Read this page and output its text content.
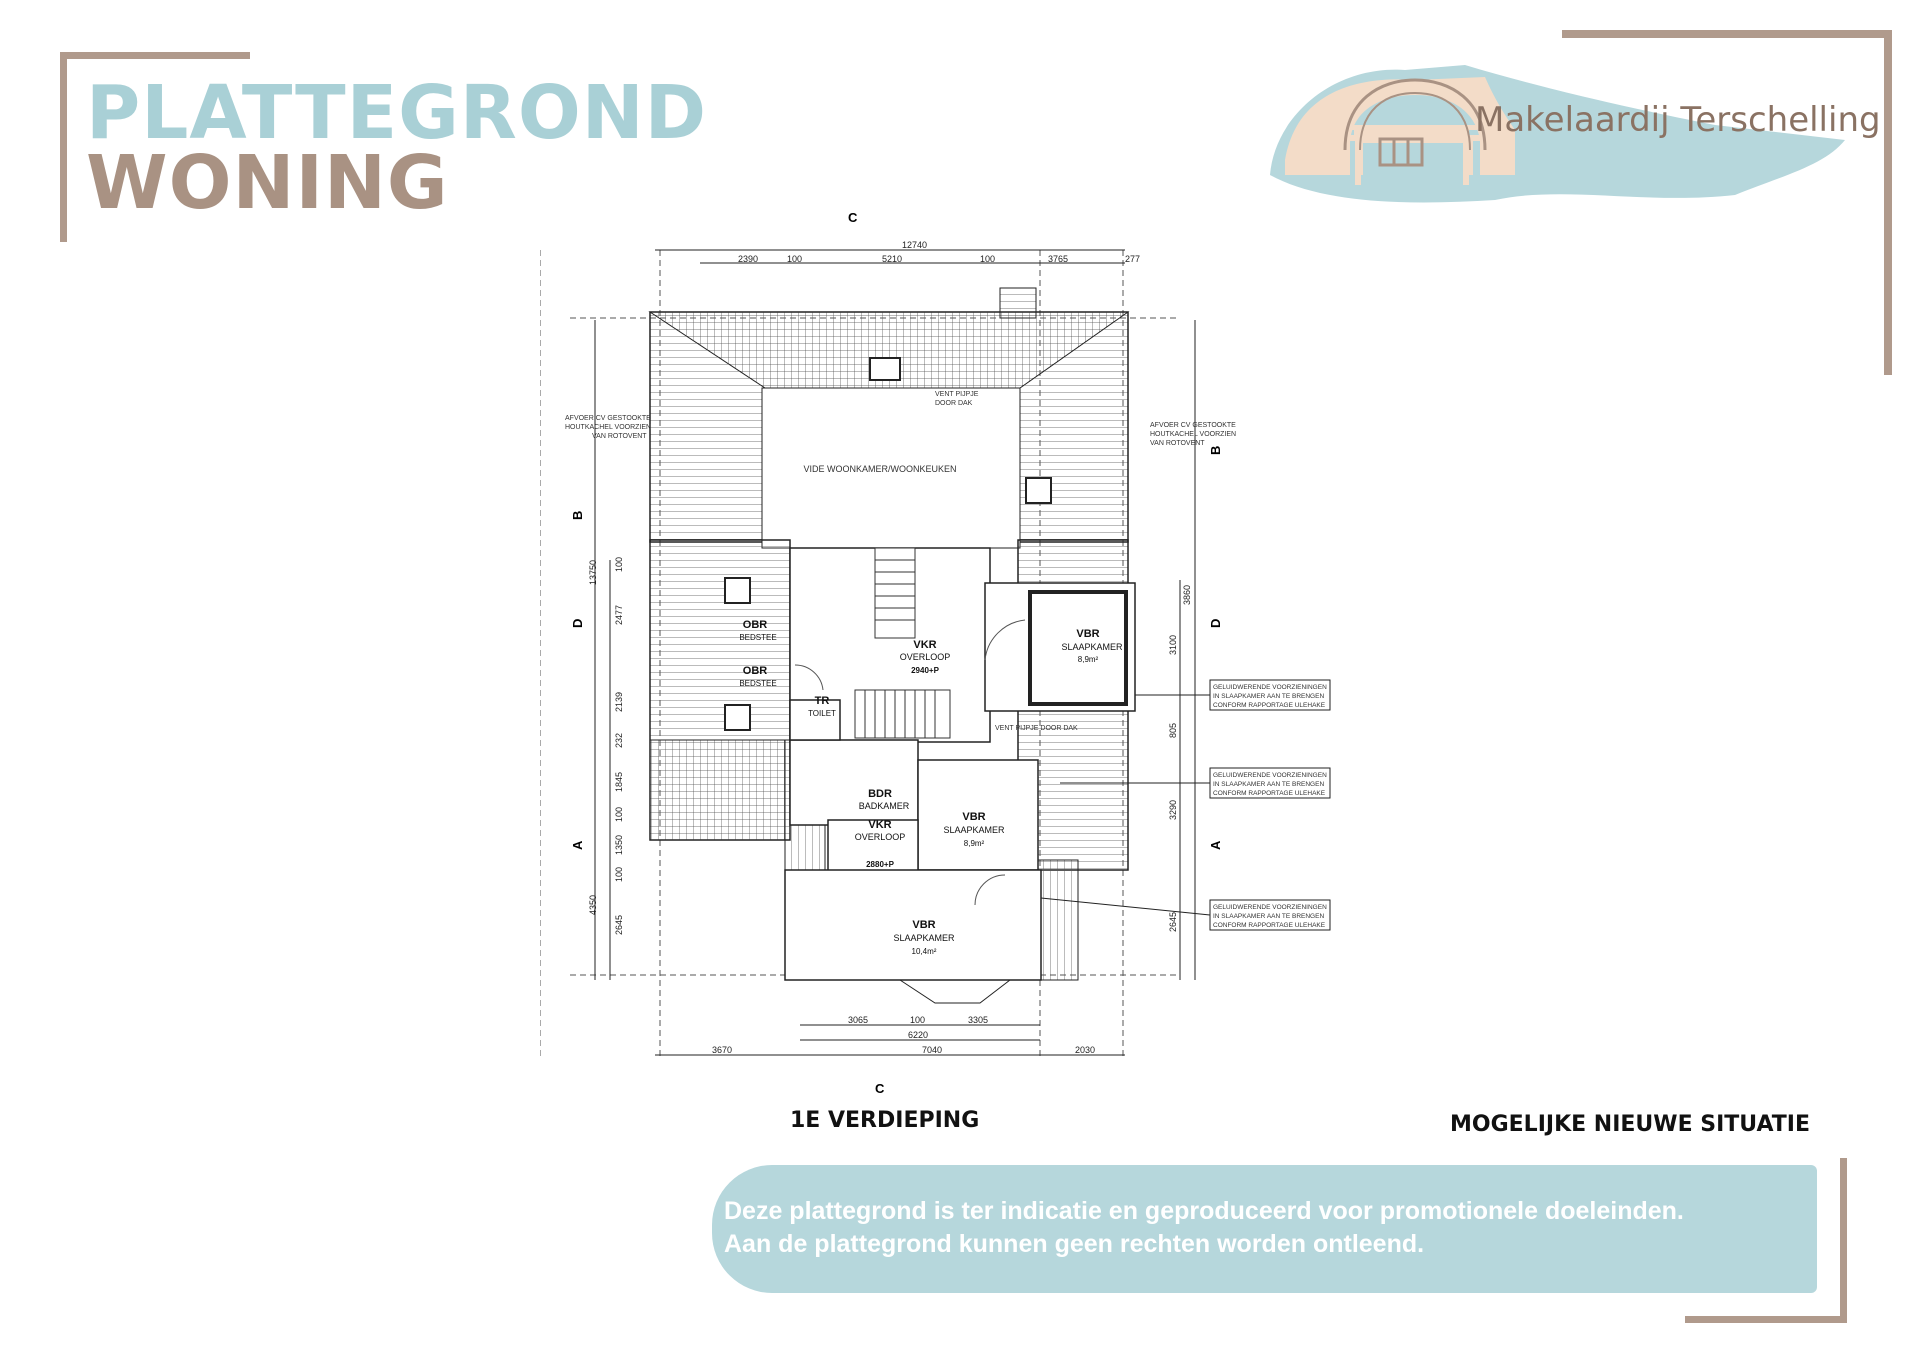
PLATTEGROND
WONING
Makelaardij Terschelling
C
C
B
B
D	D
A	A
12740
2390	100	5210	100	3765	277
3065	100	3305
6220
3670	7040	2030
13750 100
2477
2139
232
1845
100
1350
100
2645
4350
3860
3100
805
3290
2645
VKR
OVERLOOP
2940+P
VBR
SLAAPKAMER
8,9m²
OBR
BEDSTEE
OBR
BEDSTEE
TR
TOILET
BDR
BADKAMER
VKR
OVERLOOP
2880+P
VBR
SLAAPKAMER
8,9m²
VBR
SLAAPKAMER
10,4m²
VIDE WOONKAMER/WOONKEUKEN
VENT PIJPJE
DOOR DAK
VENT PIJPJE DOOR DAK
AFVOER CV GESTOOKTE
HOUTKACHEL VOORZIEN
VAN ROTOVENT
AFVOER CV GESTOOKTE
HOUTKACHEL VOORZIEN
VAN ROTOVENT
GELUIDWERENDE VOORZIENINGEN
IN SLAAPKAMER AAN TE BRENGEN
CONFORM RAPPORTAGE ULEHAKE
GELUIDWERENDE VOORZIENINGEN
IN SLAAPKAMER AAN TE BRENGEN
CONFORM RAPPORTAGE ULEHAKE
GELUIDWERENDE VOORZIENINGEN
IN SLAAPKAMER AAN TE BRENGEN
CONFORM RAPPORTAGE ULEHAKE
1E VERDIEPING	MOGELIJKE NIEUWE SITUATIE
Deze plattegrond is ter indicatie en geproduceerd voor promotionele doeleinden.
Aan de plattegrond kunnen geen rechten worden ontleend.
